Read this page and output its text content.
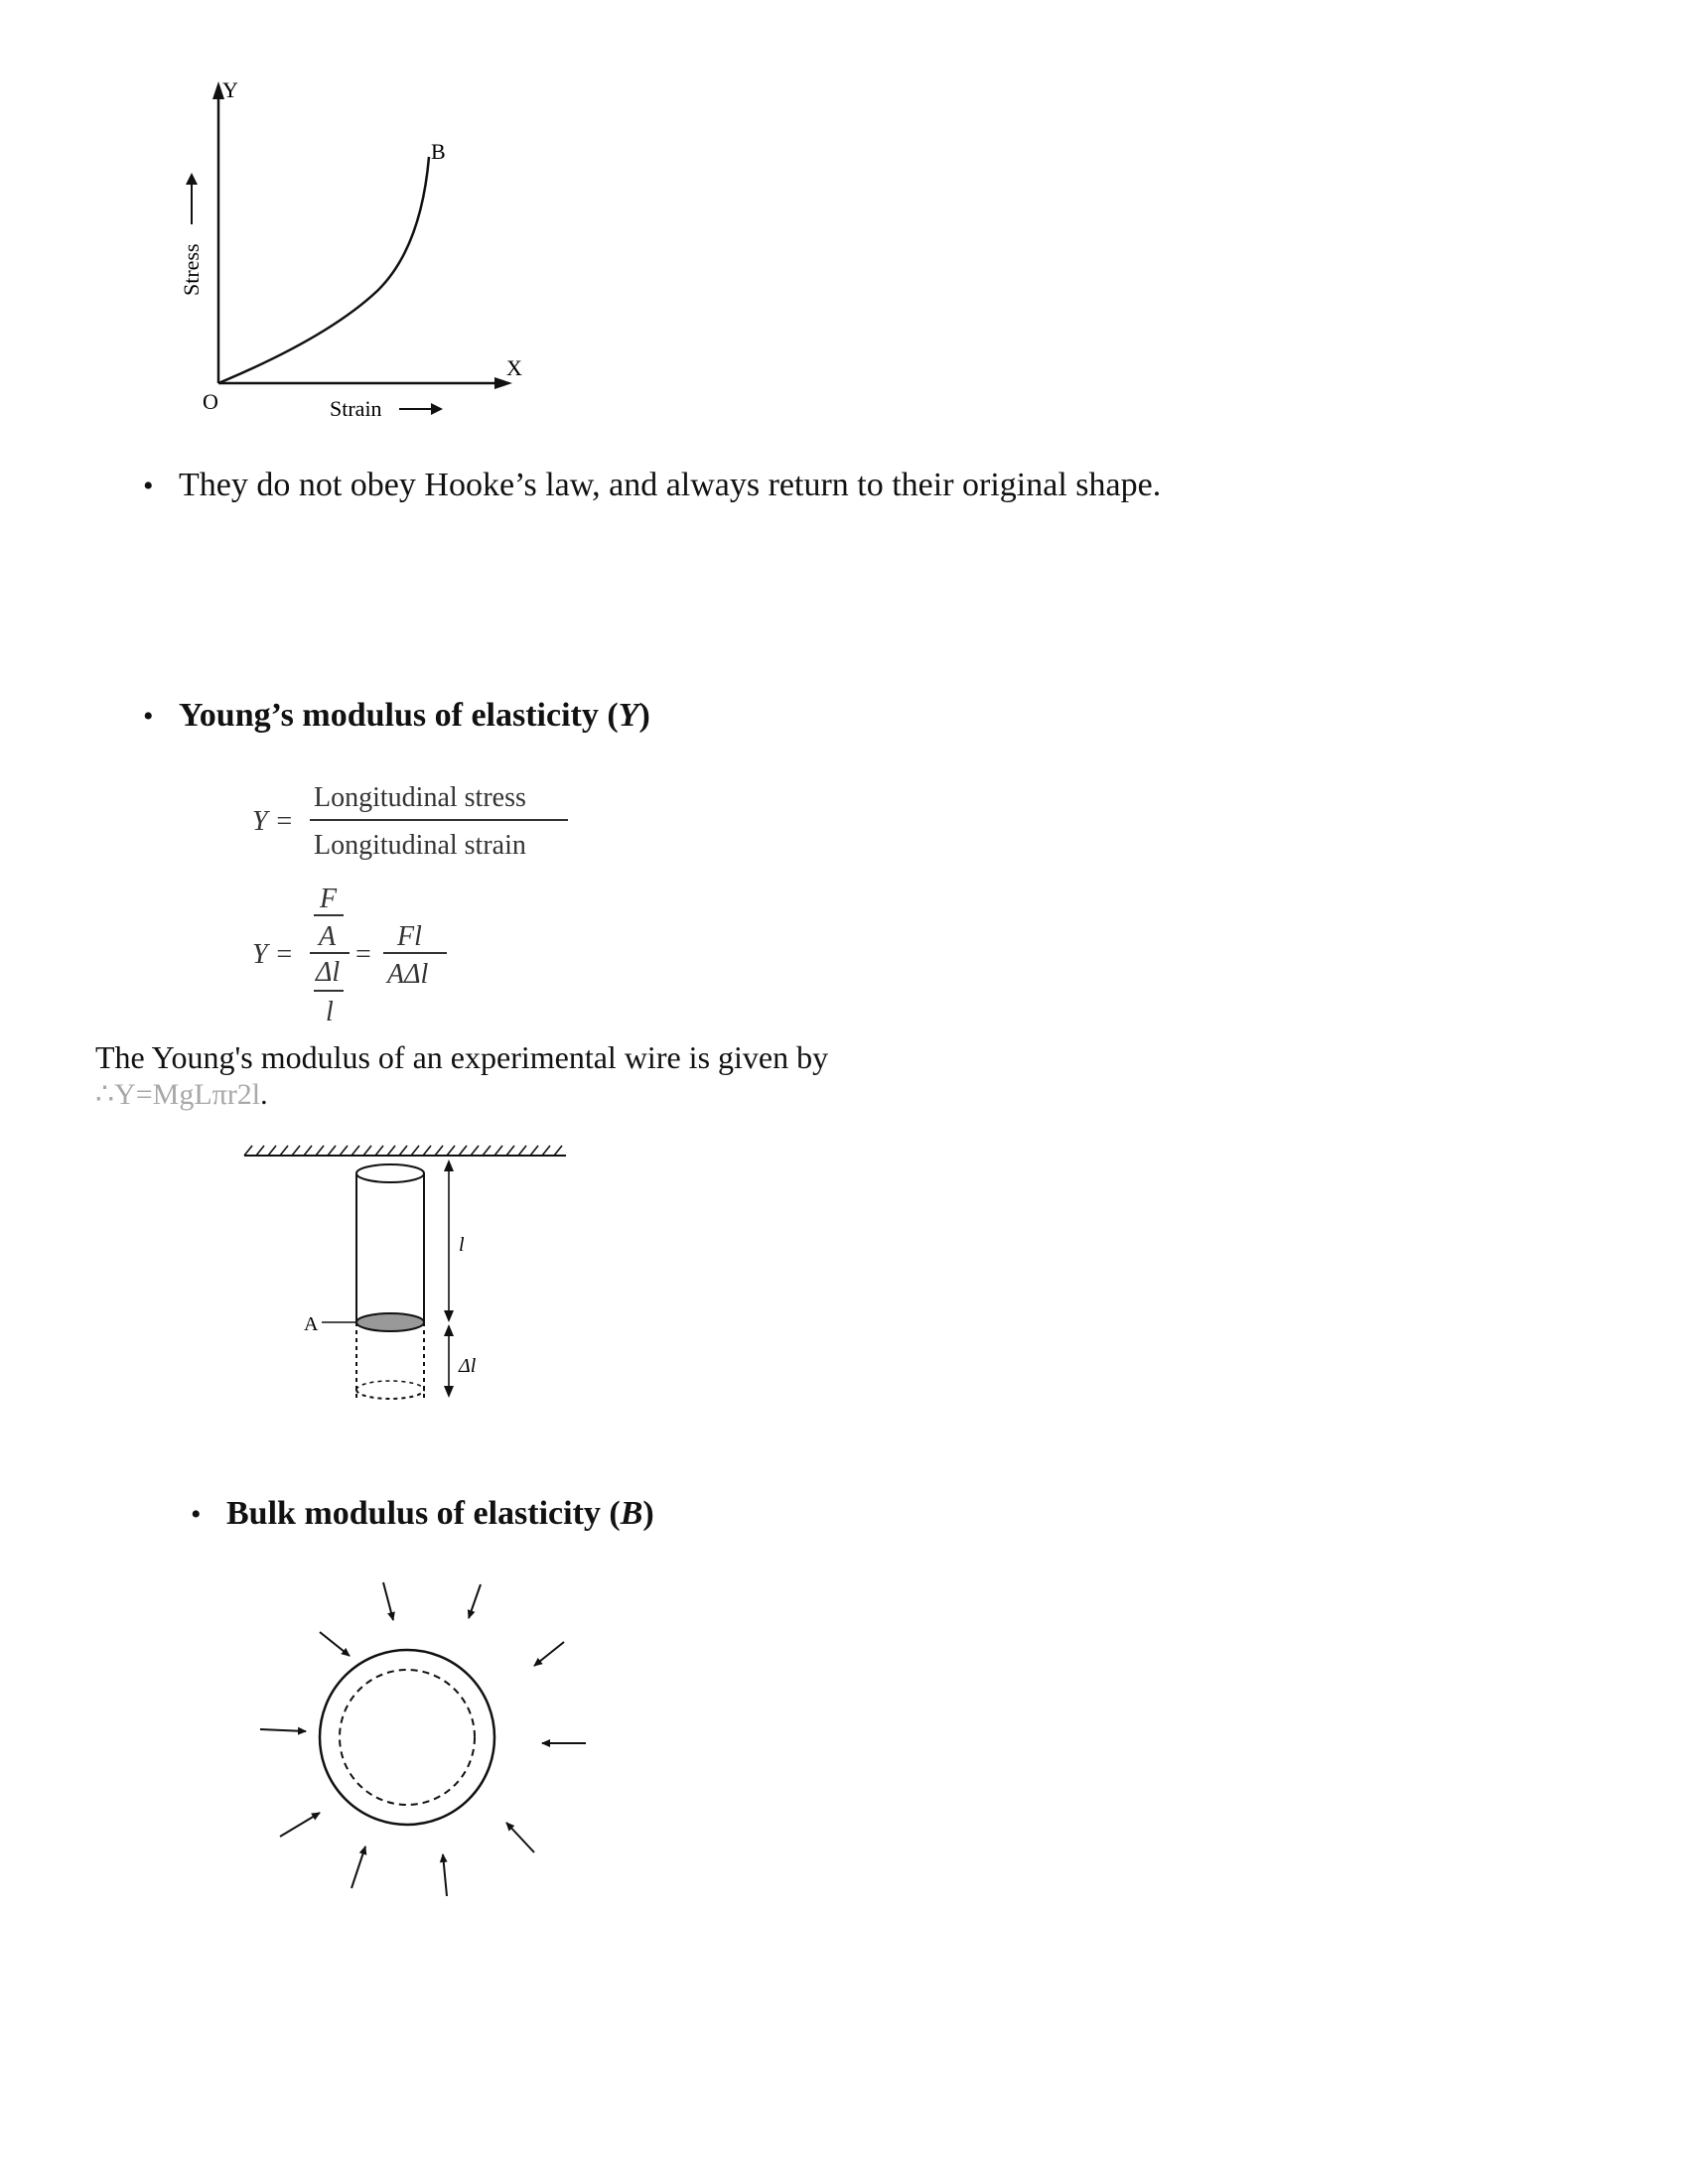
Y
X
O
B
Stress
Strain
• They do not obey Hooke’s law, and always return to their original shape.
• Young’s modulus of elasticity (Y)
Y =
Longitudinal stress
Longitudinal strain
Y =
F
A
Δl
l
=
Fl
AΔl
The Young's modulus of an experimental wire is given by
∴Y=MgLπr2l.
A
l
Δl
• Bulk modulus of elasticity (B)
